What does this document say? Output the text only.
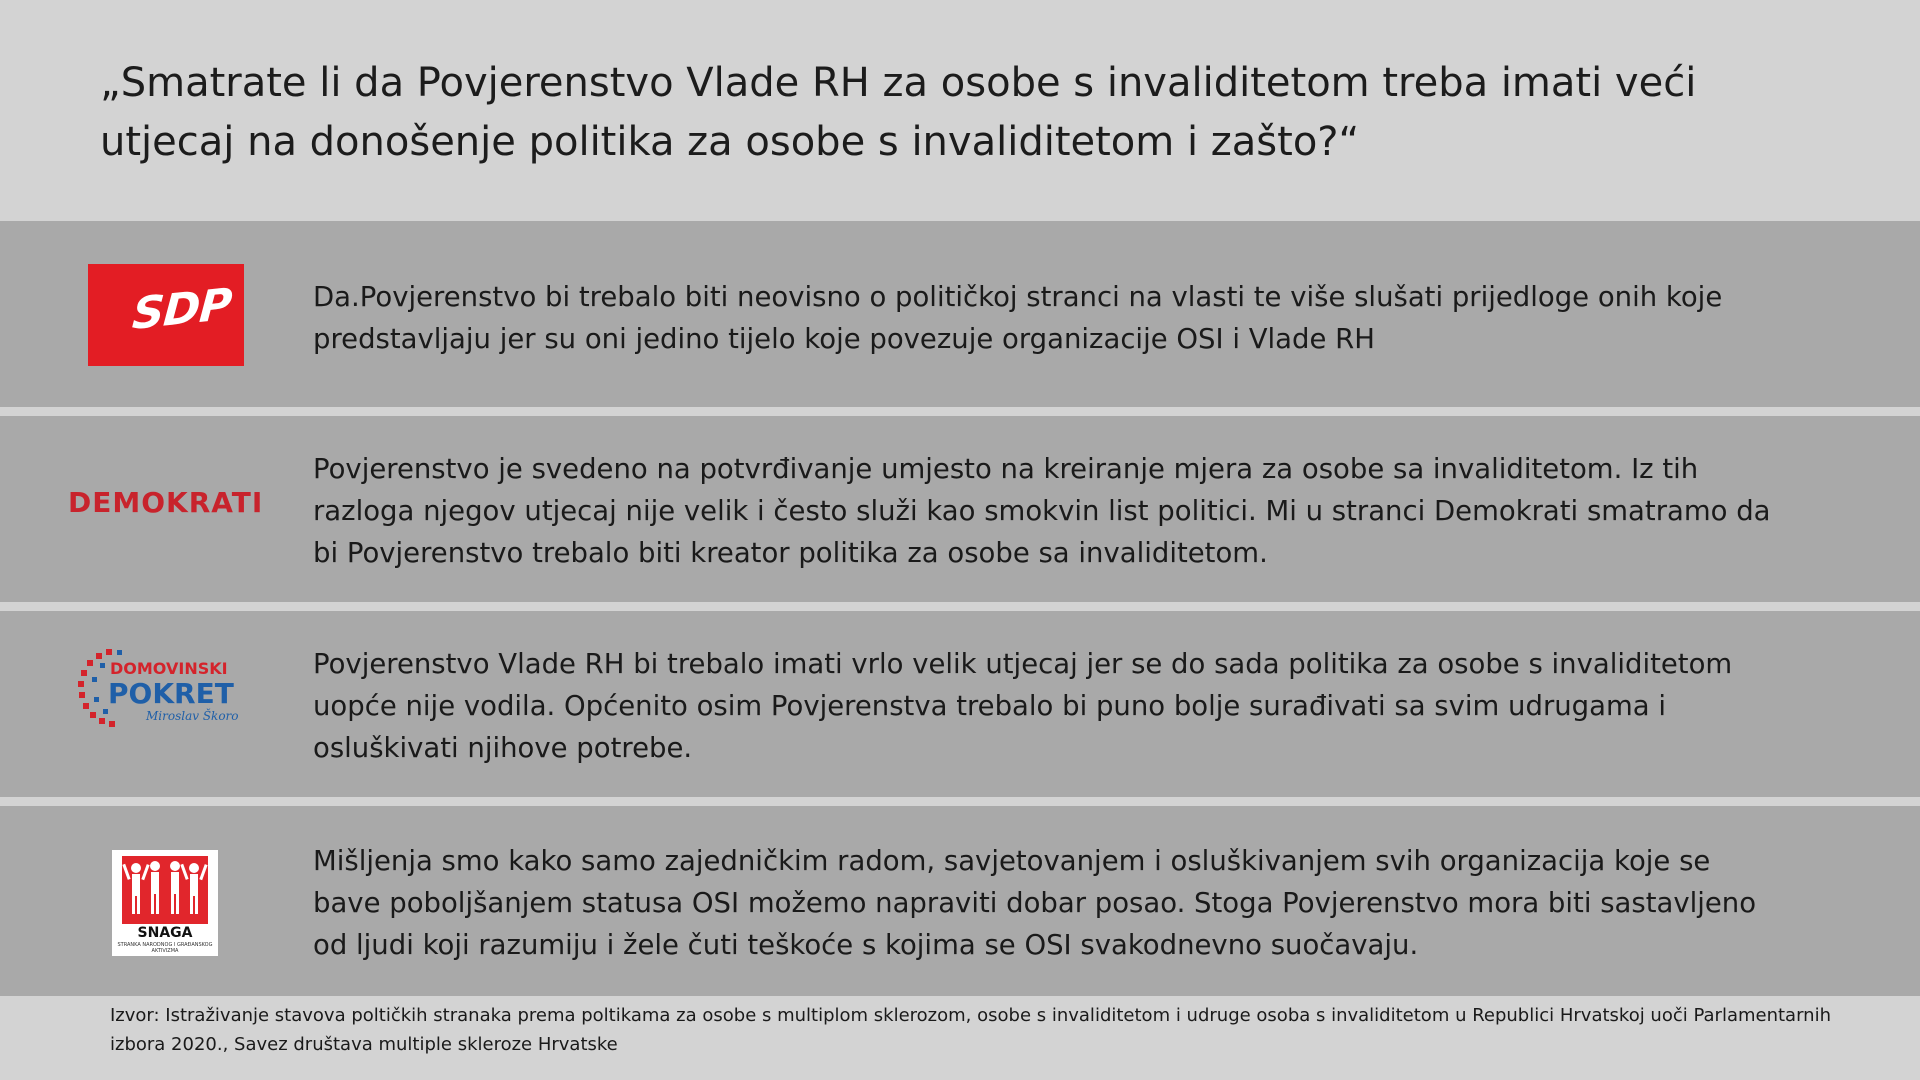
„Smatrate li da Povjerenstvo Vlade RH za osobe s invaliditetom treba imati veći utjecaj na donošenje politika za osobe s invaliditetom i zašto?“
SDP	Da.Povjerenstvo bi trebalo biti neovisno o političkoj stranci na vlasti te više slušati prijedloge onih koje predstavljaju jer su oni jedino tijelo koje povezuje organizacije OSI i Vlade RH

DEMOKRATI

Povjerenstvo je svedeno na potvrđivanje umjesto na kreiranje mjera za osobe sa invaliditetom. Iz tih razloga njegov utjecaj nije velik i često služi kao smokvin list politici. Mi u stranci Demokrati smatramo da bi Povjerenstvo trebalo biti kreator politika za osobe sa invaliditetom.

DOMOVINSKI
POKRET
Miroslav Škoro

Povjerenstvo Vlade RH bi trebalo imati vrlo velik utjecaj jer se do sada politika za osobe s invaliditetom uopće nije vodila. Općenito osim Povjerenstva trebalo bi puno bolje surađivati sa svim udrugama i osluškivati njihove potrebe.

SNAGA
STRANKA NARODNOG I GRAĐANSKOG AKTIVIZMA

Mišljenja smo kako samo zajedničkim radom, savjetovanjem i osluškivanjem svih organizacija koje se bave poboljšanjem statusa OSI možemo napraviti dobar posao. Stoga Povjerenstvo mora biti sastavljeno od ljudi koji razumiju i žele čuti teškoće s kojima se OSI svakodnevno suočavaju.

Izvor: Istraživanje stavova poltičkih stranaka prema poltikama za osobe s multiplom sklerozom, osobe s invaliditetom i udruge osoba s invaliditetom u Republici Hrvatskoj uoči Parlamentarnih izbora 2020., Savez društava multiple skleroze Hrvatske
